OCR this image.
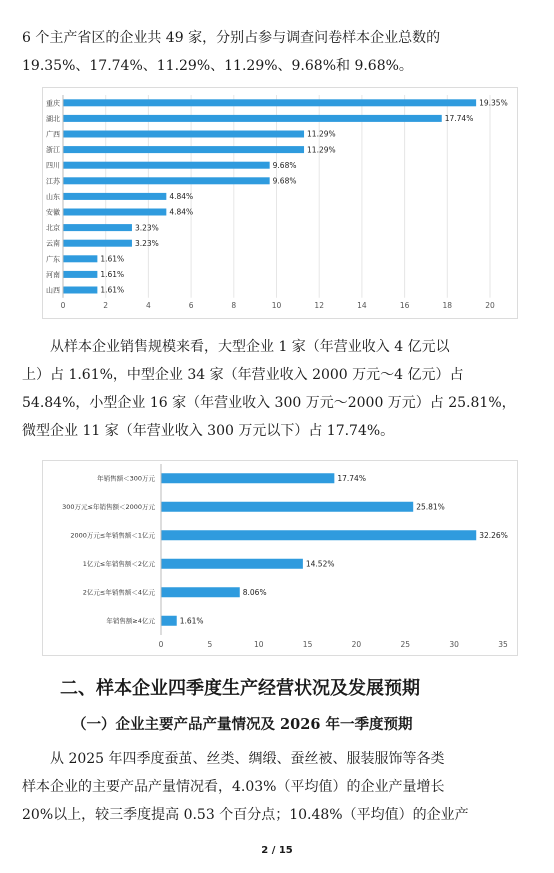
6 个主产省区的企业共 49 家，分别占参与调查问卷样本企业总数的

19.35%、17.74%、11.29%、11.29%、9.68%和 9.68%。

0	2	4	6	8	10	12	14	16	18	20
重庆	19.35%
湖北	17.74%
广西	11.29%
浙江	11.29%
四川	9.68%
江苏	9.68%
山东	4.84%
安徽	4.84%
北京	3.23%
云南	3.23%
广东	1.61%
河南	1.61%
山西	1.61%

　　从样本企业销售规模来看，大型企业 1 家（年营业收入 4 亿元以

上）占 1.61%，中型企业 34 家（年营业收入 2000 万元～4 亿元）占

54.84%，小型企业 16 家（年营业收入 300 万元～2000 万元）占 25.81%，

微型企业 11 家（年营业收入 300 万元以下）占 17.74%。

0	5	10	15	20	25	30	35
年销售额＜300万元	17.74%
300万元≤年销售额＜2000万元	25.81%
2000万元≤年销售额＜1亿元	32.26%
1亿元≤年销售额＜2亿元	14.52%
2亿元≤年销售额＜4亿元	8.06%
年销售额≥4亿元	1.61%
二、样本企业四季度生产经营状况及发展预期
（一）企业主要产品产量情况及 2026 年一季度预期

　　从 2025 年四季度蚕茧、丝类、绸缎、蚕丝被、服装服饰等各类

样本企业的主要产品产量情况看，4.03%（平均值）的企业产量增长

20%以上，较三季度提高 0.53 个百分点；10.48%（平均值）的企业产

2 / 15
